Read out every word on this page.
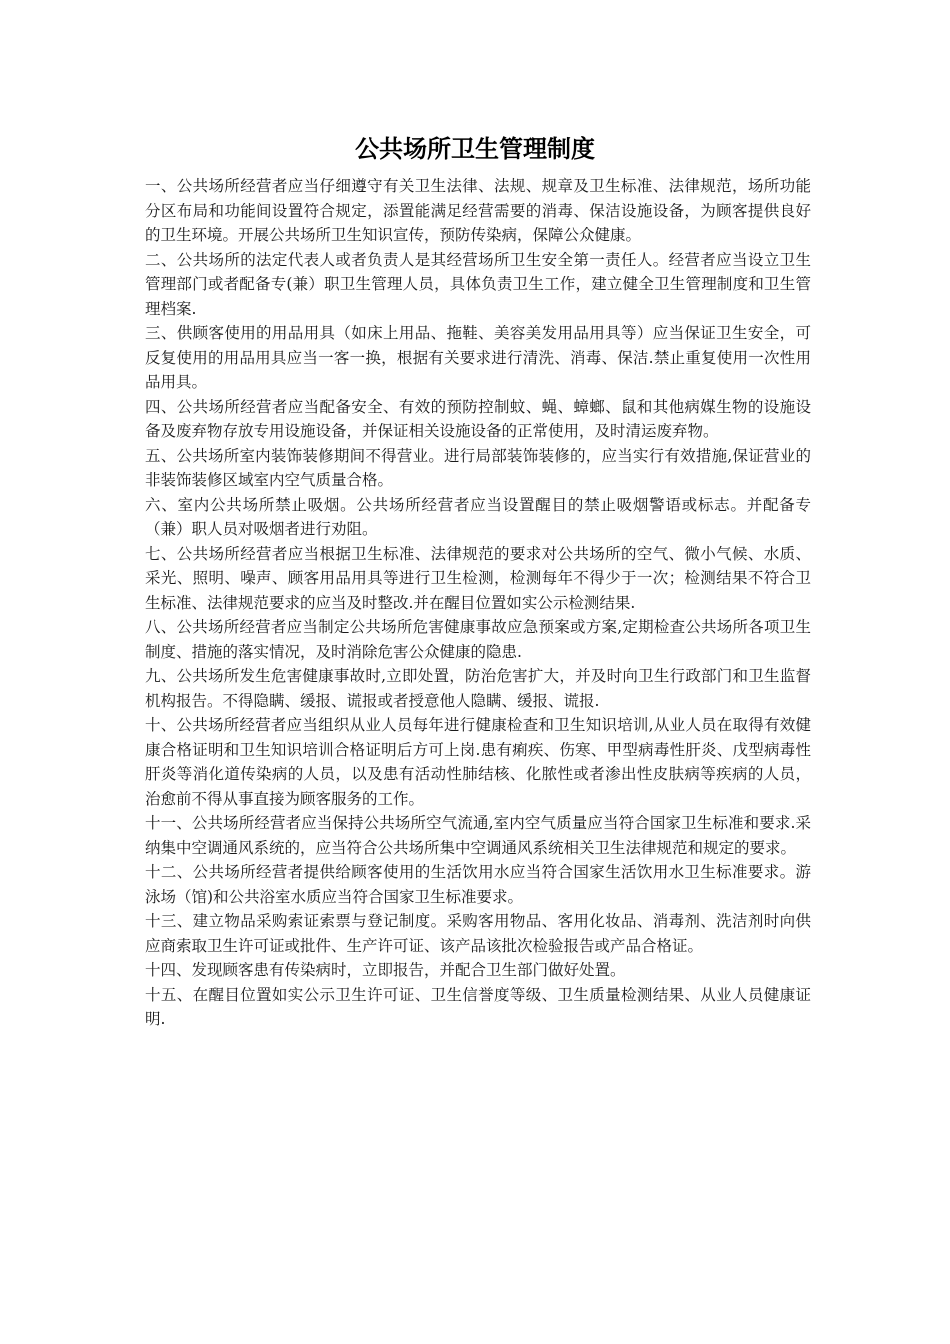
公共场所卫生管理制度

一、公共场所经营者应当仔细遵守有关卫生法律、法规、规章及卫生标准、法律规范，场所功能分区布局和功能间设置符合规定，添置能满足经营需要的消毒、保洁设施设备，为顾客提供良好的卫生环境。开展公共场所卫生知识宣传，预防传染病，保障公众健康。

二、公共场所的法定代表人或者负责人是其经营场所卫生安全第一责任人。经营者应当设立卫生管理部门或者配备专(兼）职卫生管理人员，具体负责卫生工作，建立健全卫生管理制度和卫生管理档案.

三、供顾客使用的用品用具（如床上用品、拖鞋、美容美发用品用具等）应当保证卫生安全，可反复使用的用品用具应当一客一换，根据有关要求进行清洗、消毒、保洁.禁止重复使用一次性用品用具。

四、公共场所经营者应当配备安全、有效的预防控制蚊、蝇、蟑螂、鼠和其他病媒生物的设施设备及废弃物存放专用设施设备，并保证相关设施设备的正常使用，及时清运废弃物。

五、公共场所室内装饰装修期间不得营业。进行局部装饰装修的，应当实行有效措施,保证营业的非装饰装修区域室内空气质量合格。

六、室内公共场所禁止吸烟。公共场所经营者应当设置醒目的禁止吸烟警语或标志。并配备专（兼）职人员对吸烟者进行劝阻。

七、公共场所经营者应当根据卫生标准、法律规范的要求对公共场所的空气、微小气候、水质、采光、照明、噪声、顾客用品用具等进行卫生检测，检测每年不得少于一次；检测结果不符合卫生标准、法律规范要求的应当及时整改.并在醒目位置如实公示检测结果.

八、公共场所经营者应当制定公共场所危害健康事故应急预案或方案,定期检查公共场所各项卫生制度、措施的落实情况，及时消除危害公众健康的隐患.

九、公共场所发生危害健康事故时,立即处置，防治危害扩大，并及时向卫生行政部门和卫生监督机构报告。不得隐瞒、缓报、谎报或者授意他人隐瞒、缓报、谎报.

十、公共场所经营者应当组织从业人员每年进行健康检查和卫生知识培训,从业人员在取得有效健康合格证明和卫生知识培训合格证明后方可上岗.患有痢疾、伤寒、甲型病毒性肝炎、戊型病毒性肝炎等消化道传染病的人员，以及患有活动性肺结核、化脓性或者渗出性皮肤病等疾病的人员，治愈前不得从事直接为顾客服务的工作。

十一、公共场所经营者应当保持公共场所空气流通,室内空气质量应当符合国家卫生标准和要求.采纳集中空调通风系统的，应当符合公共场所集中空调通风系统相关卫生法律规范和规定的要求。

十二、公共场所经营者提供给顾客使用的生活饮用水应当符合国家生活饮用水卫生标准要求。游泳场（馆)和公共浴室水质应当符合国家卫生标准要求。

十三、建立物品采购索证索票与登记制度。采购客用物品、客用化妆品、消毒剂、洗洁剂时向供应商索取卫生许可证或批件、生产许可证、该产品该批次检验报告或产品合格证。

十四、发现顾客患有传染病时，立即报告，并配合卫生部门做好处置。

十五、在醒目位置如实公示卫生许可证、卫生信誉度等级、卫生质量检测结果、从业人员健康证明.
